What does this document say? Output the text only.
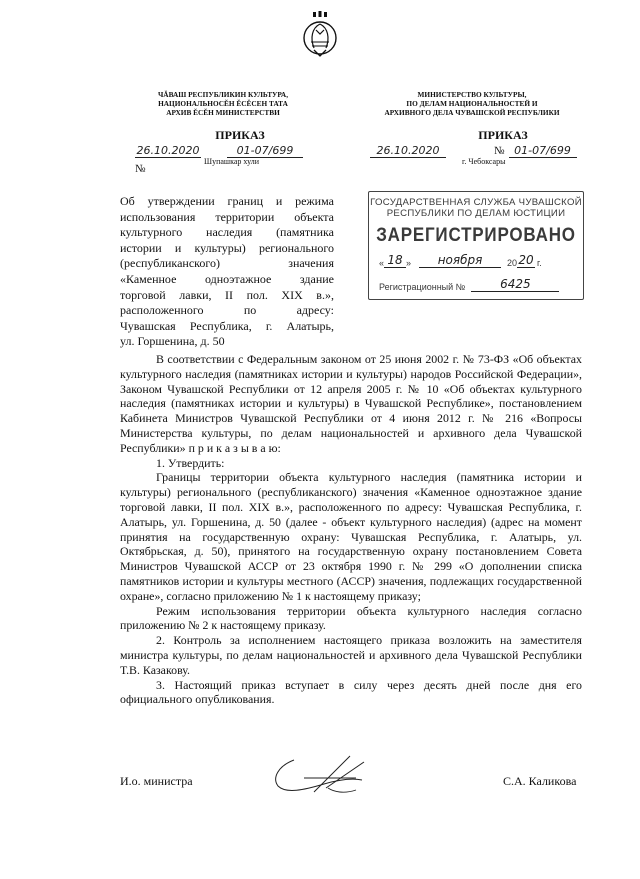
ЧĂВАШ РЕСПУБЛИКИН КУЛЬТУРА,
НАЦИОНАЛЬНОСĔН ĔСĔСЕН ТАТА
АРХИВ ĔСĔН МИНИСТЕРСТВИ
МИНИСТЕРСТВО КУЛЬТУРЫ,
ПО ДЕЛАМ НАЦИОНАЛЬНОСТЕЙ И
АРХИВНОГО ДЕЛА ЧУВАШСКОЙ РЕСПУБЛИКИ
ПРИКАЗ
26.10.2020	01-07/699 №
Шупашкар хули
ПРИКАЗ
26.10.2020	№ 01-07/699
г. Чебоксары
Об утверждении границ и режима
использования территории объекта
культурного наследия (памятника
истории и культуры) регионального
(республиканского)	значения
«Каменное одноэтажное здание
торговой лавки, II пол. XIX в.»,
расположенного	по	адресу:
Чувашская Республика, г. Алатырь,
ул. Горшенина, д. 50
ГОСУДАРСТВЕННАЯ СЛУЖБА ЧУВАШСКОЙ
РЕСПУБЛИКИ ПО ДЕЛАМ ЮСТИЦИИ
ЗАРЕГИСТРИРОВАНО
« 18 »	ноября	20 20 г.
Регистрационный №	6425

В соответствии с Федеральным законом от 25 июня 2002 г. № 73-ФЗ «Об объектах культурного наследия (памятниках истории и культуры) народов Российской Федерации», Законом Чувашской Республики от 12 апреля 2005 г. № 10 «Об объектах культурного наследия (памятниках истории и культуры) в Чувашской Республике», постановлением Кабинета Министров Чувашской Республики от 4 июня 2012 г. № 216 «Вопросы Министерства культуры, по делам национальностей и архивного дела Чувашской Республики» п р и к а з ы в а ю:

1. Утвердить:

Границы территории объекта культурного наследия (памятника истории и культуры) регионального (республиканского) значения «Каменное одноэтажное здание торговой лавки, II пол. XIX в.», расположенного по адресу: Чувашская Республика, г. Алатырь, ул. Горшенина, д. 50 (далее - объект культурного наследия) (адрес на момент принятия на государственную охрану: Чувашская Республика, г. Алатырь, ул. Октябрьская, д. 50), принятого на государственную охрану постановлением Совета Министров Чувашской АССР от 23 октября 1990 г. № 299 «О дополнении списка памятников истории и культуры местного (АССР) значения, подлежащих государственной охране», согласно приложению № 1 к настоящему приказу;

Режим использования территории объекта культурного наследия согласно приложению № 2 к настоящему приказу.

2. Контроль за исполнением настоящего приказа возложить на заместителя министра культуры, по делам национальностей и архивного дела Чувашской Республики Т.В. Казакову.

3. Настоящий приказ вступает в силу через десять дней после дня его официального опубликования.

И.о. министра	С.А. Каликова
